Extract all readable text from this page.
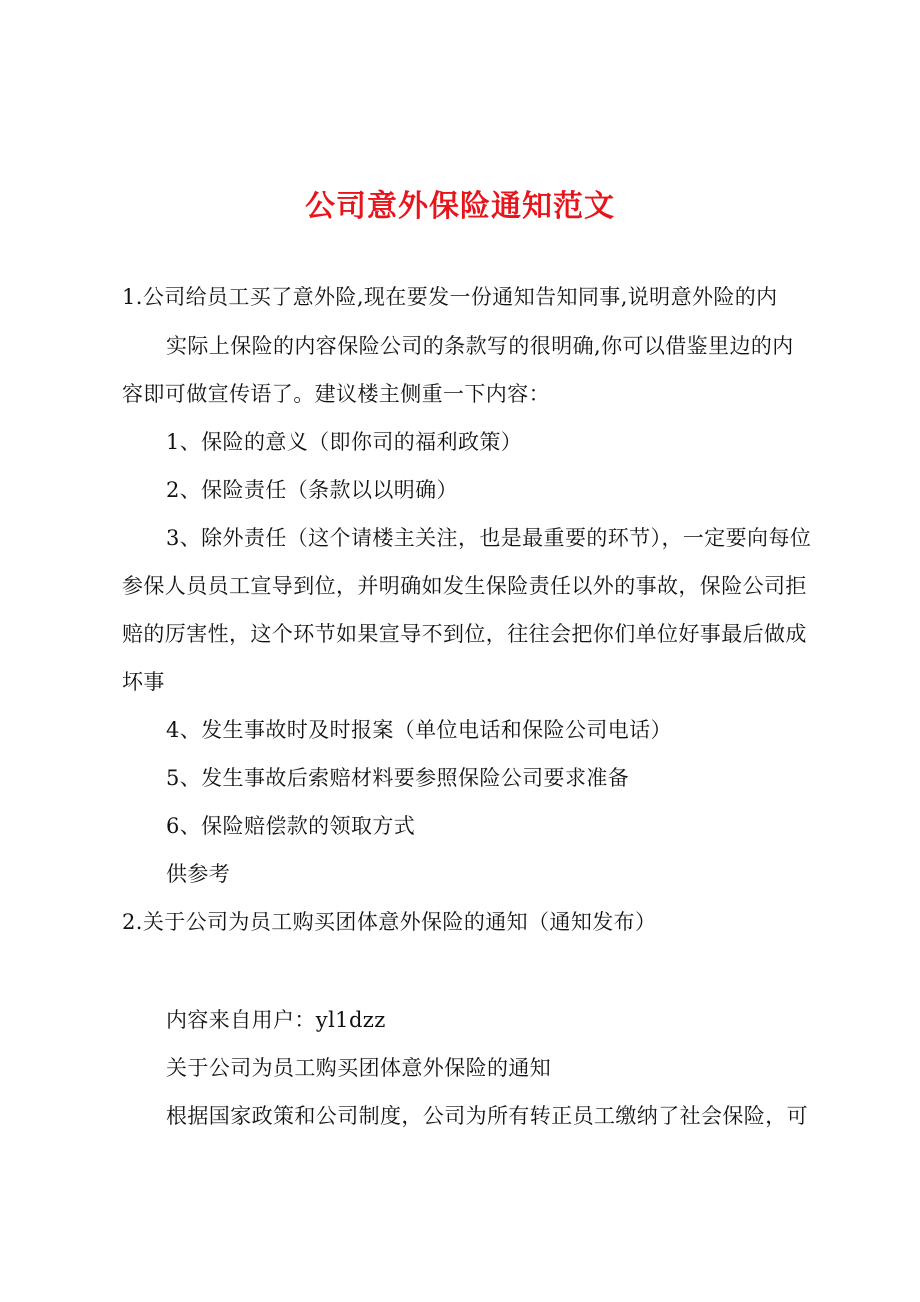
公司意外保险通知范文
1.公司给员工买了意外险,现在要发一份通知告知同事,说明意外险的内
实际上保险的内容保险公司的条款写的很明确,你可以借鉴里边的内
容即可做宣传语了。建议楼主侧重一下内容：
1、保险的意义（即你司的福利政策）
2、保险责任（条款以以明确）
3、除外责任（这个请楼主关注，也是最重要的环节），一定要向每位
参保人员员工宣导到位，并明确如发生保险责任以外的事故，保险公司拒
赔的厉害性，这个环节如果宣导不到位，往往会把你们单位好事最后做成
坏事
4、发生事故时及时报案（单位电话和保险公司电话）
5、发生事故后索赔材料要参照保险公司要求准备
6、保险赔偿款的领取方式
供参考
2.关于公司为员工购买团体意外保险的通知（通知发布）
内容来自用户：yl1dzz
关于公司为员工购买团体意外保险的通知
根据国家政策和公司制度，公司为所有转正员工缴纳了社会保险，可
